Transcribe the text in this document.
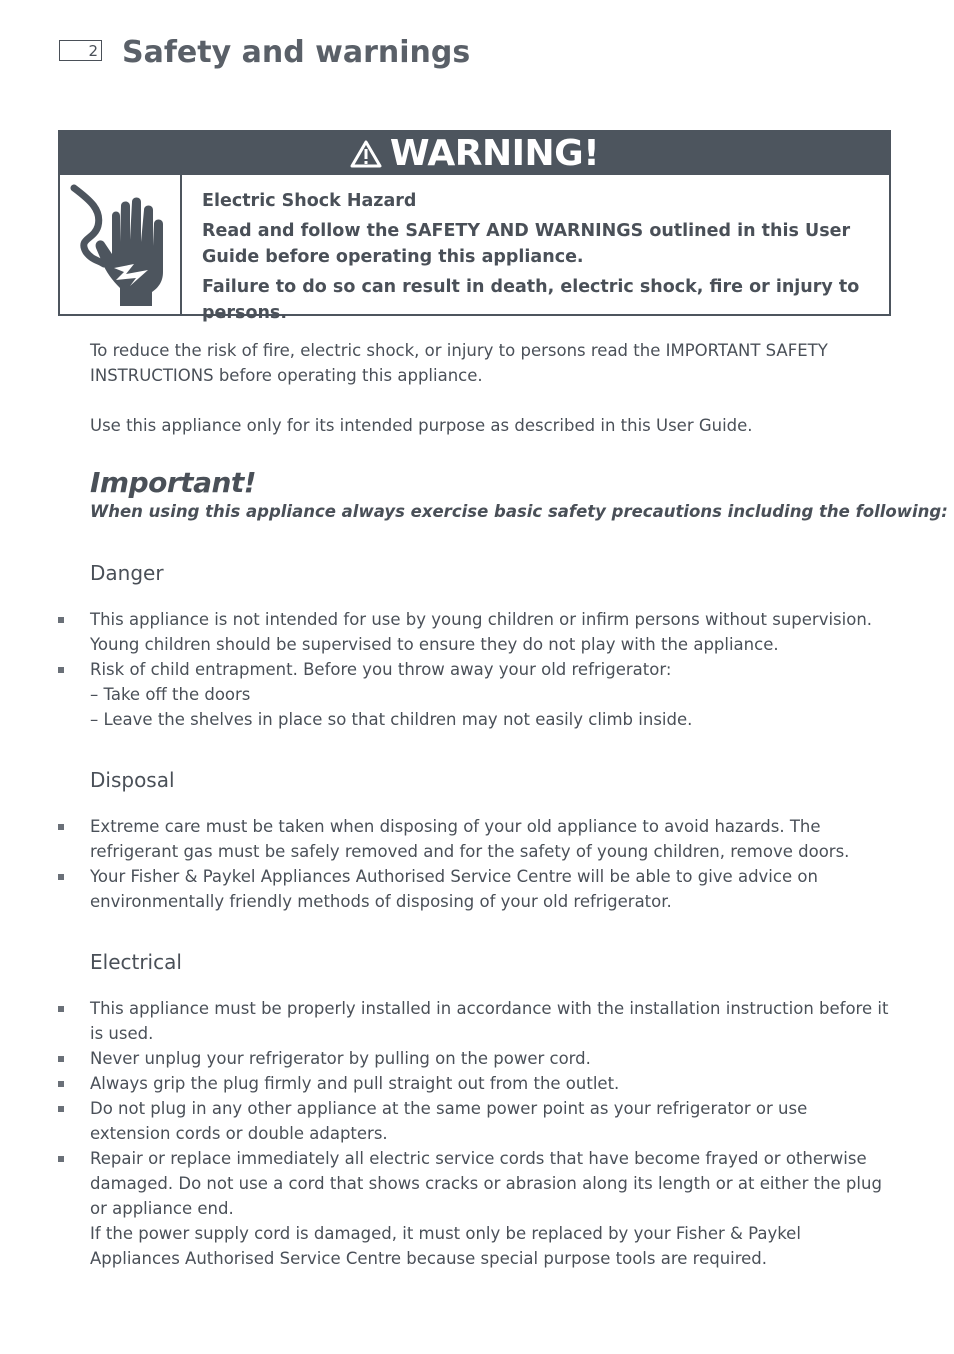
2 Safety and warnings
WARNING!

Electric Shock Hazard

Read and follow the SAFETY AND WARNINGS outlined in this User Guide before operating this appliance.

Failure to do so can result in death, electric shock, fire or injury to persons.

To reduce the risk of fire, electric shock, or injury to persons read the IMPORTANT SAFETY INSTRUCTIONS before operating this appliance.

Use this appliance only for its intended purpose as described in this User Guide.

Important!
When using this appliance always exercise basic safety precautions including the following:
Danger
This appliance is not intended for use by young children or infirm persons without supervision. Young children should be supervised to ensure they do not play with the appliance.
Risk of child entrapment. Before you throw away your old refrigerator:
– Take off the doors
– Leave the shelves in place so that children may not easily climb inside.
Disposal
Extreme care must be taken when disposing of your old appliance to avoid hazards. The refrigerant gas must be safely removed and for the safety of young children, remove doors.
Your Fisher & Paykel Appliances Authorised Service Centre will be able to give advice on environmentally friendly methods of disposing of your old refrigerator.
Electrical
This appliance must be properly installed in accordance with the installation instruction before it is used.
Never unplug your refrigerator by pulling on the power cord.
Always grip the plug firmly and pull straight out from the outlet.
Do not plug in any other appliance at the same power point as your refrigerator or use extension cords or double adapters.
Repair or replace immediately all electric service cords that have become frayed or otherwise damaged. Do not use a cord that shows cracks or abrasion along its length or at either the plug or appliance end.
If the power supply cord is damaged, it must only be replaced by your Fisher & Paykel Appliances Authorised Service Centre because special purpose tools are required.
